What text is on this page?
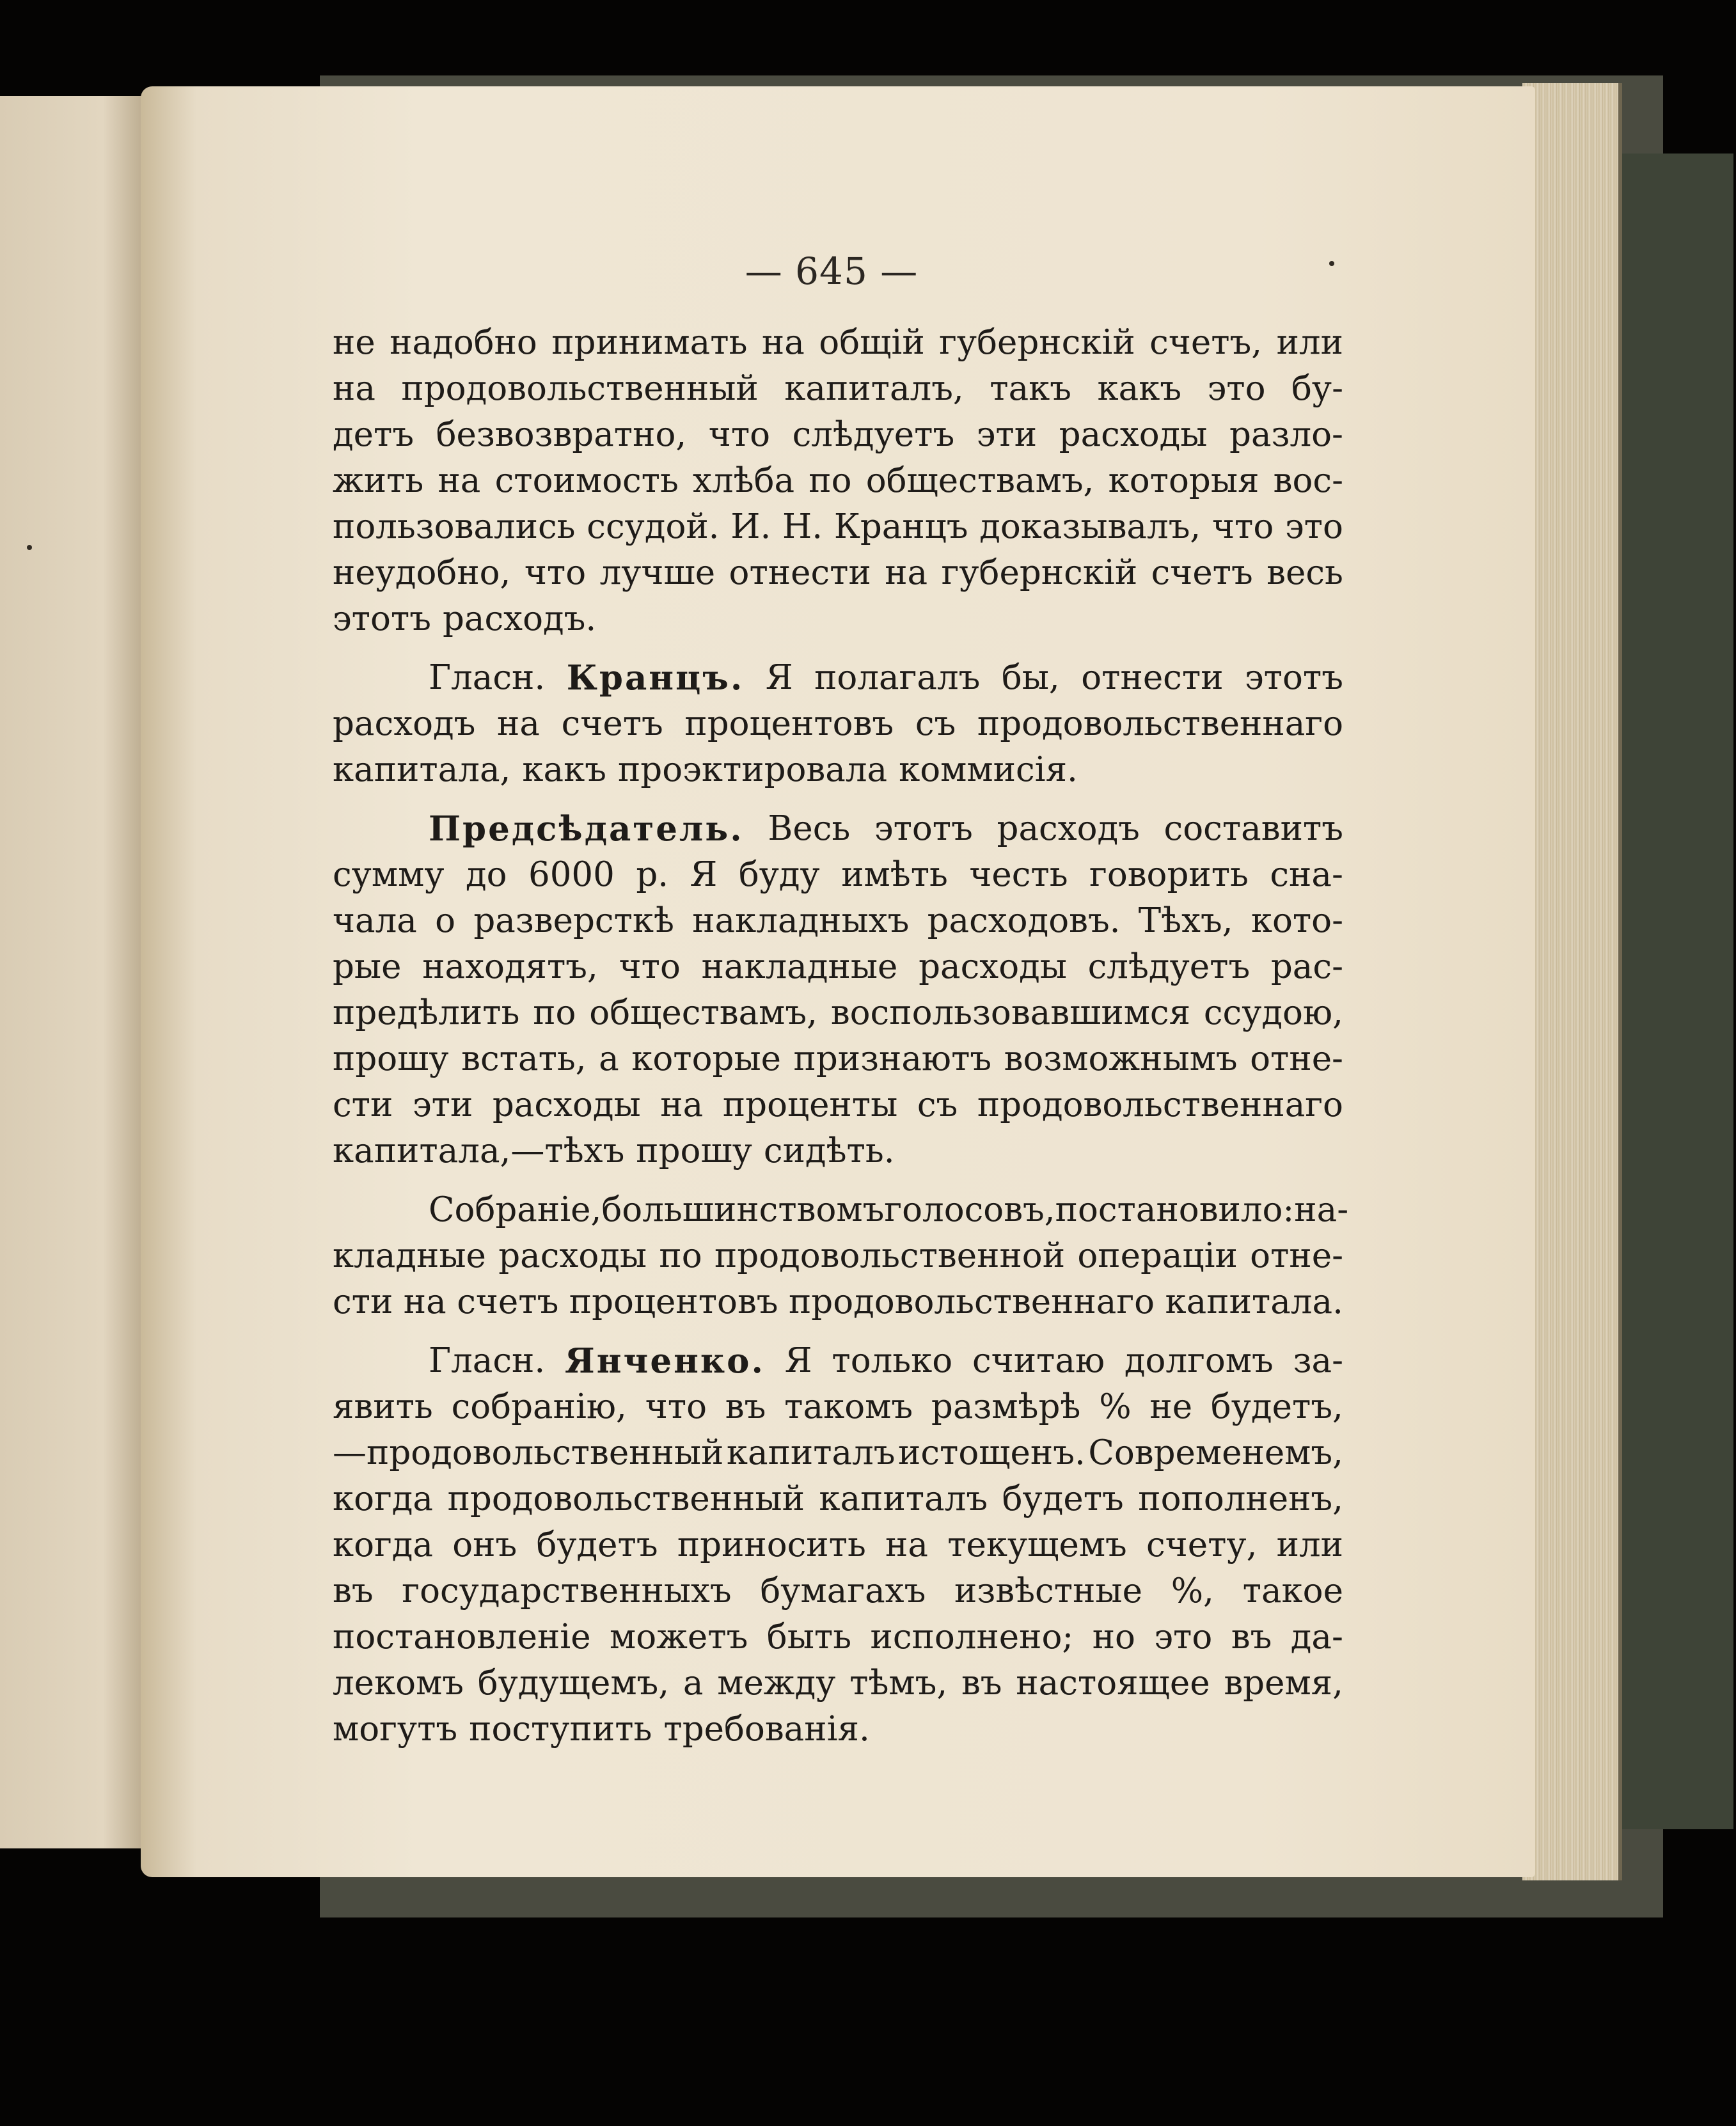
— 645 —
не надобно принимать на общій губернскій счетъ, или
на продовольственный капиталъ, такъ какъ это бу-
детъ безвозвратно, что слѣдуетъ эти расходы разло-
жить на стоимость хлѣба по обществамъ, которыя вос-
пользовались ссудой. И. Н. Кранцъ доказывалъ, что это
неудобно, что лучше отнести на губернскій счетъ весь
этотъ расходъ.
Гласн. Кранцъ. Я полагалъ бы, отнести этотъ
расходъ на счетъ процентовъ съ продовольственнаго
капитала, какъ проэктировала коммисія.
Предсѣдатель. Весь этотъ расходъ составитъ
сумму до 6000 р. Я буду имѣть честь говорить сна-
чала о разверсткѣ накладныхъ расходовъ. Тѣхъ, кото-
рые находятъ, что накладные расходы слѣдуетъ рас-
предѣлить по обществамъ, воспользовавшимся ссудою,
прошу встать, а которые признаютъ возможнымъ отне-
сти эти расходы на проценты съ продовольственнаго
капитала,—тѣхъ прошу сидѣть.
Собраніе, большинствомъ голосовъ, постановило: на-
кладные расходы по продовольственной операціи отне-
сти на счетъ процентовъ продовольственнаго капитала.
Гласн. Янченко. Я только считаю долгомъ за-
явить собранію, что въ такомъ размѣрѣ % не будетъ,
—продовольственный капиталъ истощенъ. Современемъ,
когда продовольственный капиталъ будетъ пополненъ,
когда онъ будетъ приносить на текущемъ счету, или
въ государственныхъ бумагахъ извѣстные %, такое
постановленіе можетъ быть исполнено; но это въ да-
лекомъ будущемъ, а между тѣмъ, въ настоящее время,
могутъ поступить требованія.
